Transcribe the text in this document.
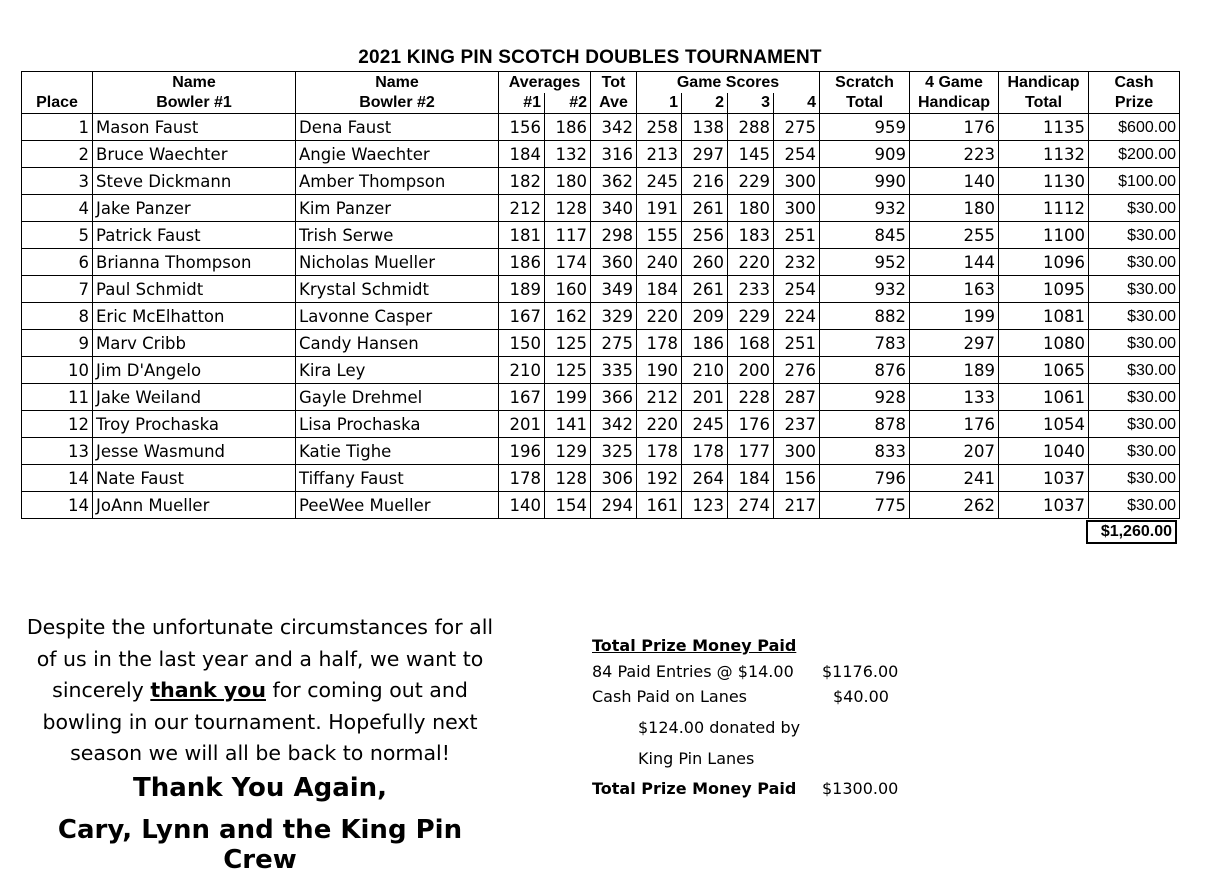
2021 KING PIN SCOTCH DOUBLES TOURNAMENT
	Name	Name	Averages		Tot	Game Scores				Scratch	4 Game	Handicap	Cash
Place	Bowler #1	Bowler #2	#1	#2	Ave	1	2	3	4	Total	Handicap	Total	Prize
1	Mason Faust	Dena Faust	156	186	342	258	138	288	275	959	176	1135	$600.00
2	Bruce Waechter	Angie Waechter	184	132	316	213	297	145	254	909	223	1132	$200.00
3	Steve Dickmann	Amber Thompson	182	180	362	245	216	229	300	990	140	1130	$100.00
4	Jake Panzer	Kim Panzer	212	128	340	191	261	180	300	932	180	1112	$30.00
5	Patrick Faust	Trish Serwe	181	117	298	155	256	183	251	845	255	1100	$30.00
6	Brianna Thompson	Nicholas Mueller	186	174	360	240	260	220	232	952	144	1096	$30.00
7	Paul Schmidt	Krystal Schmidt	189	160	349	184	261	233	254	932	163	1095	$30.00
8	Eric McElhatton	Lavonne Casper	167	162	329	220	209	229	224	882	199	1081	$30.00
9	Marv Cribb	Candy Hansen	150	125	275	178	186	168	251	783	297	1080	$30.00
10	Jim D'Angelo	Kira Ley	210	125	335	190	210	200	276	876	189	1065	$30.00
11	Jake Weiland	Gayle Drehmel	167	199	366	212	201	228	287	928	133	1061	$30.00
12	Troy Prochaska	Lisa Prochaska	201	141	342	220	245	176	237	878	176	1054	$30.00
13	Jesse Wasmund	Katie Tighe	196	129	325	178	178	177	300	833	207	1040	$30.00
14	Nate Faust	Tiffany Faust	178	128	306	192	264	184	156	796	241	1037	$30.00
14	JoAnn Mueller	PeeWee Mueller	140	154	294	161	123	274	217	775	262	1037	$30.00
$1,260.00
Despite the unfortunate circumstances for all
of us in the last year and a half, we want to
sincerely thank you for coming out and
bowling in our tournament. Hopefully next
season we will all be back to normal!
Thank You Again,
Cary, Lynn and the King Pin Crew
Total Prize Money Paid
84 Paid Entries @ $14.00 $1176.00
Cash Paid on Lanes	$40.00
$124.00 donated by
King Pin Lanes
Total Prize Money Paid $1300.00
